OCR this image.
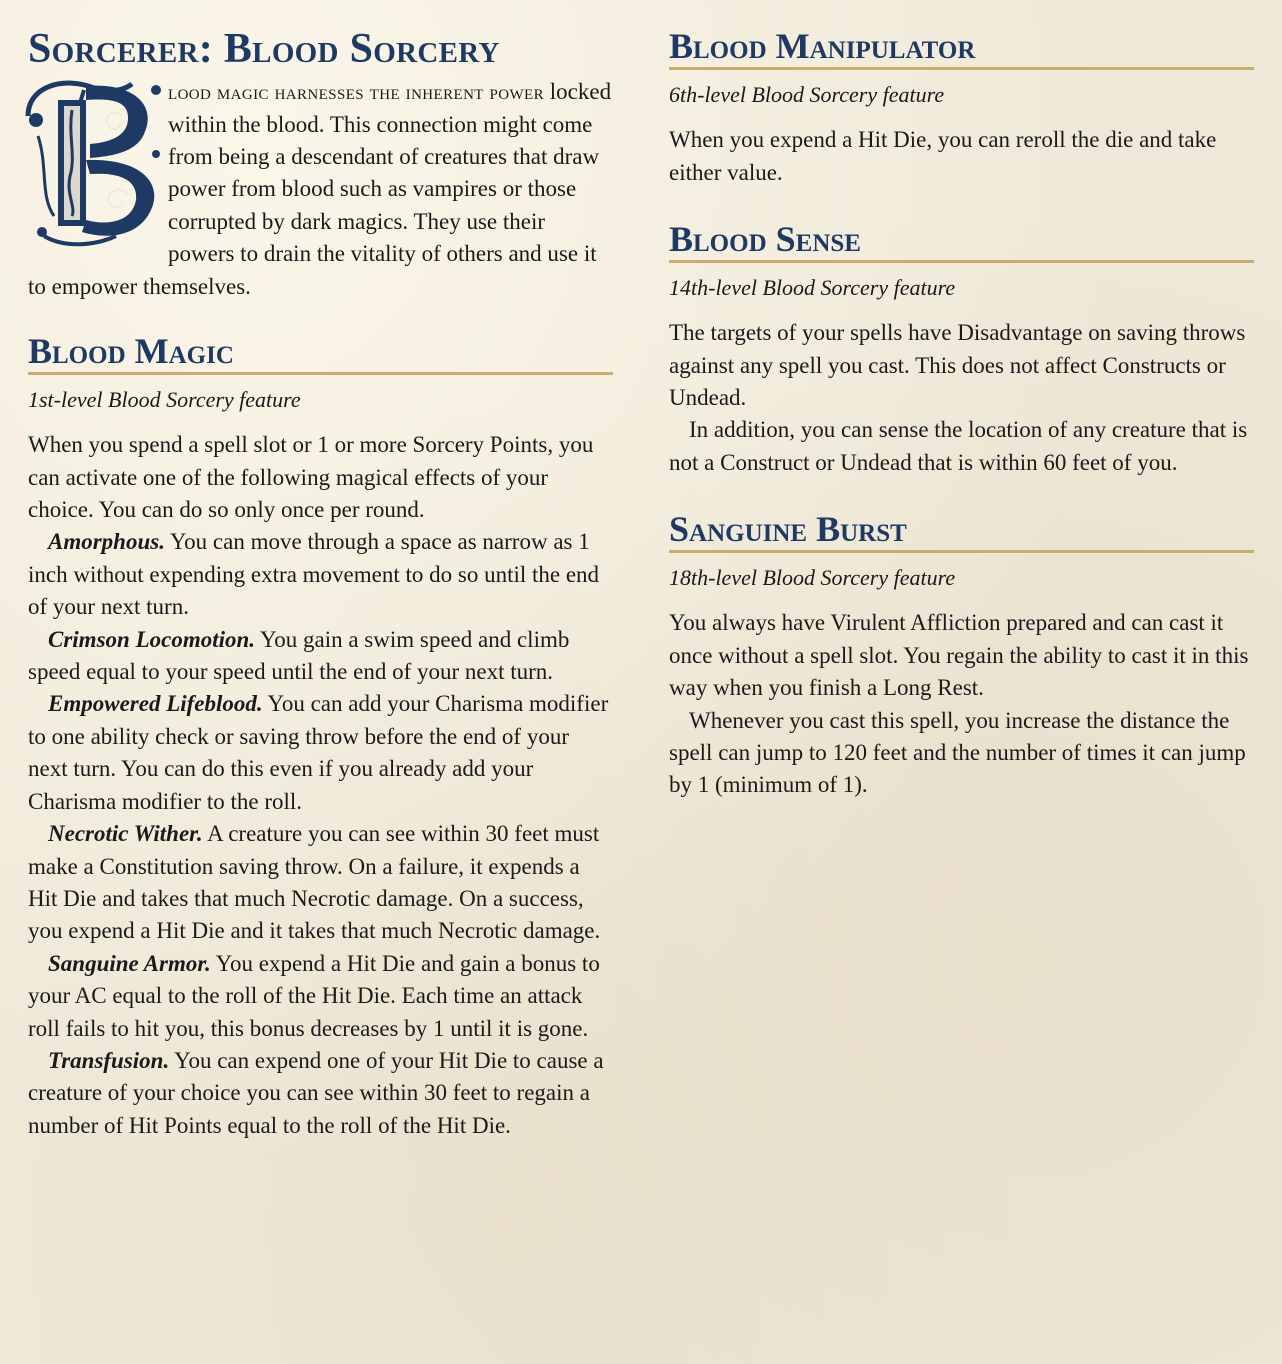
Sorcerer: Blood Sorcery

lood magic harnesses the inherent power locked within the blood. This connection might come from being a descendant of creatures that draw power from blood such as vampires or those corrupted by dark magics. They use their powers to drain the vitality of others and use it to empower themselves.

Blood Magic
1st-level Blood Sorcery feature

When you spend a spell slot or 1 or more Sorcery Points, you can activate one of the following magical effects of your choice. You can do so only once per round.

Amorphous. You can move through a space as narrow as 1 inch without expending extra movement to do so until the end of your next turn.

Crimson Locomotion. You gain a swim speed and climb speed equal to your speed until the end of your next turn.

Empowered Lifeblood. You can add your Charisma modifier to one ability check or saving throw before the end of your next turn. You can do this even if you already add your Charisma modifier to the roll.

Necrotic Wither. A creature you can see within 30 feet must make a Constitution saving throw. On a failure, it expends a Hit Die and takes that much Necrotic damage. On a success, you expend a Hit Die and it takes that much Necrotic damage.

Sanguine Armor. You expend a Hit Die and gain a bonus to your AC equal to the roll of the Hit Die. Each time an attack roll fails to hit you, this bonus decreases by 1 until it is gone.

Transfusion. You can expend one of your Hit Die to cause a creature of your choice you can see within 30 feet to regain a number of Hit Points equal to the roll of the Hit Die.

Blood Manipulator
6th-level Blood Sorcery feature

When you expend a Hit Die, you can reroll the die and take either value.

Blood Sense
14th-level Blood Sorcery feature

The targets of your spells have Disadvantage on saving throws against any spell you cast. This does not affect Constructs or Undead.

In addition, you can sense the location of any creature that is not a Construct or Undead that is within 60 feet of you.

Sanguine Burst
18th-level Blood Sorcery feature

You always have Virulent Affliction prepared and can cast it once without a spell slot. You regain the ability to cast it in this way when you finish a Long Rest.

Whenever you cast this spell, you increase the distance the spell can jump to 120 feet and the number of times it can jump by 1 (minimum of 1).
